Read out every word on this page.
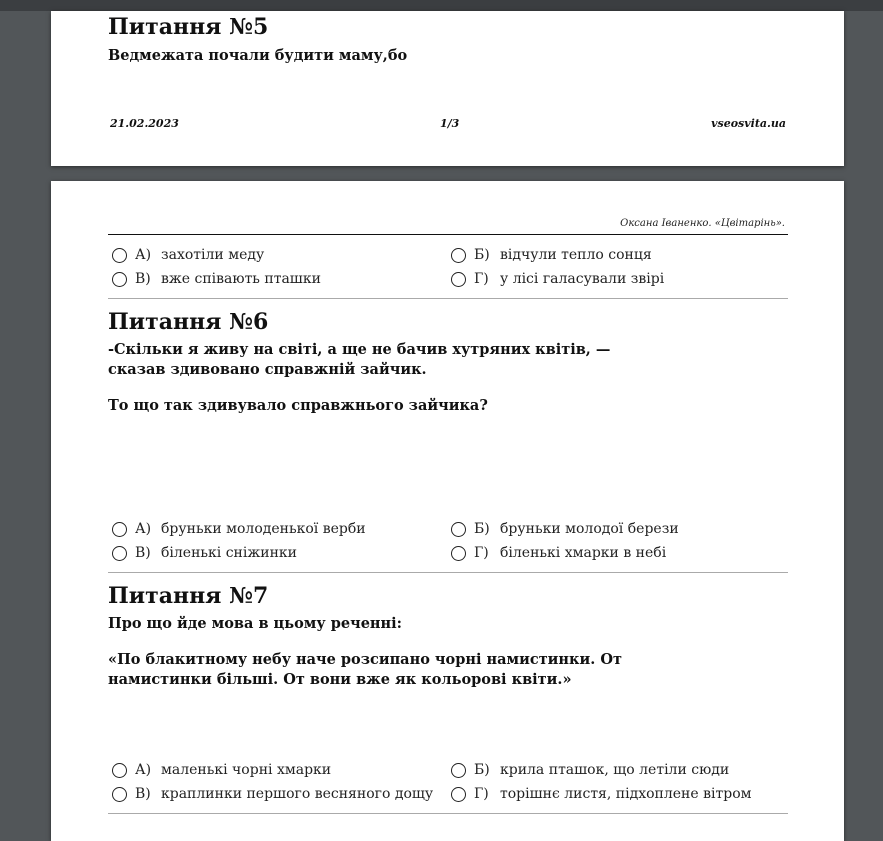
Питання №5

Ведмежата почали будити маму,бо

21.02.2023	1/3	vseosvita.ua
Оксана Іваненко. «Цвітарінь».
А) захотіли меду	Б) відчули тепло сонця
В) вже співають пташки	Г) у лісі галасували звірі
Питання №6

-Скільки я живу на світі, а ще не бачив хутряних квітів, —

сказав здивовано справжній зайчик.

То що так здивувало справжнього зайчика?

А) бруньки молоденької верби	Б) бруньки молодої берези
В) біленькі сніжинки	Г) біленькі хмарки в небі
Питання №7

Про що йде мова в цьому реченні:

«По блакитному небу наче розсипано чорні намистинки. От

намистинки більші. От вони вже як кольорові квіти.»

А) маленькі чорні хмарки	Б) крила пташок, що летіли сюди
В) краплинки першого весняного дощу	Г) торішнє листя, підхоплене вітром
